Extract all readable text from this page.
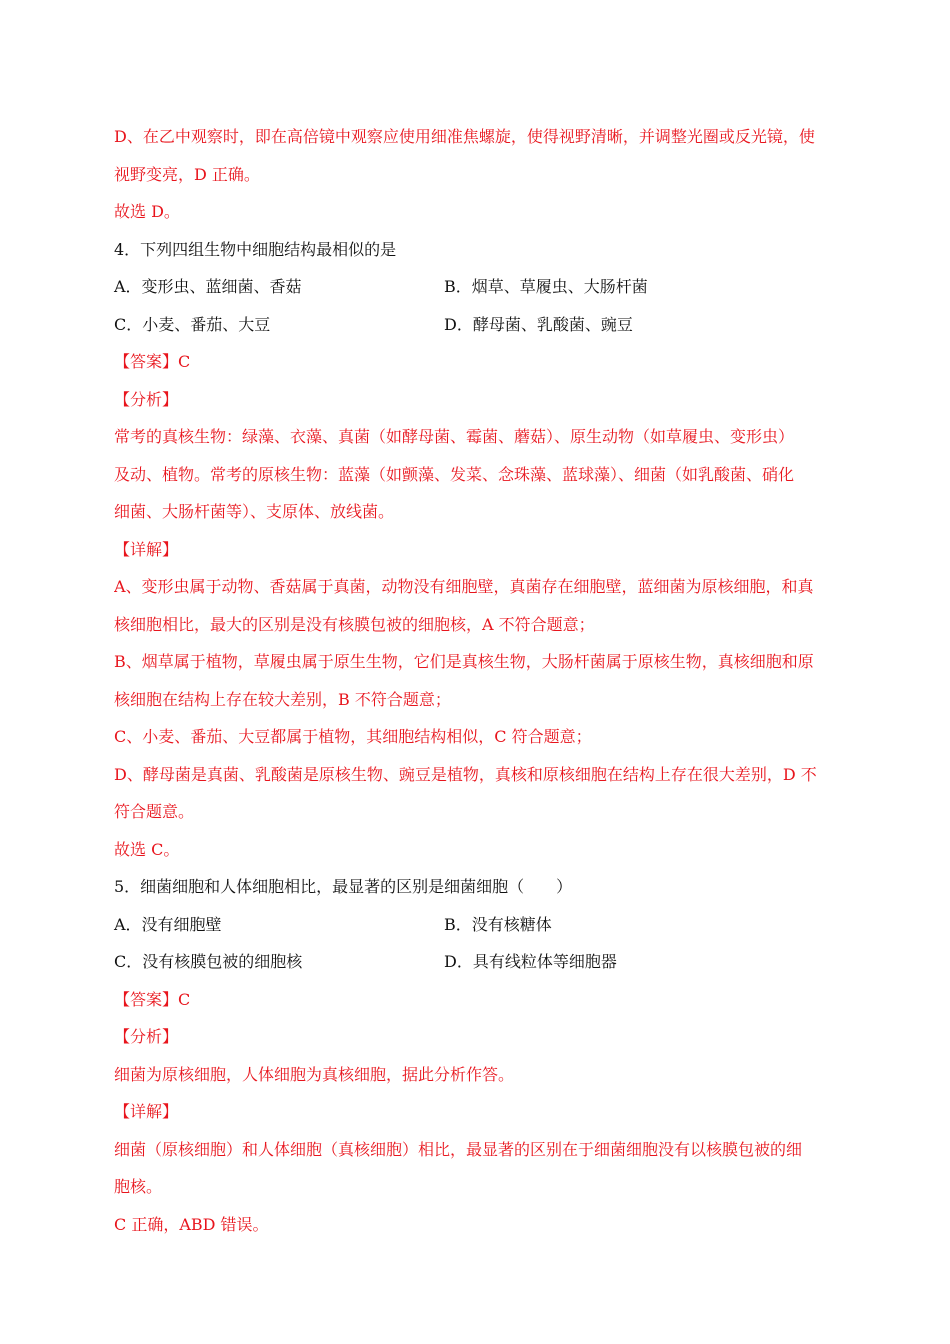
D、在乙中观察时，即在高倍镜中观察应使用细准焦螺旋，使得视野清晰，并调整光圈或反光镜，使
视野变亮，D 正确。
故选 D。
4．下列四组生物中细胞结构最相似的是
A．变形虫、蓝细菌、香菇	B．烟草、草履虫、大肠杆菌
C．小麦、番茄、大豆	D．酵母菌、乳酸菌、豌豆
【答案】C
【分析】
常考的真核生物：绿藻、衣藻、真菌（如酵母菌、霉菌、蘑菇）、原生动物（如草履虫、变形虫）
及动、植物。常考的原核生物：蓝藻（如颤藻、发菜、念珠藻、蓝球藻）、细菌（如乳酸菌、硝化
细菌、大肠杆菌等）、支原体、放线菌。
【详解】
A、变形虫属于动物、香菇属于真菌，动物没有细胞壁，真菌存在细胞壁，蓝细菌为原核细胞，和真
核细胞相比，最大的区别是没有核膜包被的细胞核，A 不符合题意；
B、烟草属于植物，草履虫属于原生生物，它们是真核生物，大肠杆菌属于原核生物，真核细胞和原
核细胞在结构上存在较大差别，B 不符合题意；
C、小麦、番茄、大豆都属于植物，其细胞结构相似，C 符合题意；
D、酵母菌是真菌、乳酸菌是原核生物、豌豆是植物，真核和原核细胞在结构上存在很大差别，D 不
符合题意。
故选 C。
5．细菌细胞和人体细胞相比，最显著的区别是细菌细胞（　　）
A．没有细胞壁	B．没有核糖体
C．没有核膜包被的细胞核	D．具有线粒体等细胞器
【答案】C
【分析】
细菌为原核细胞，人体细胞为真核细胞，据此分析作答。
【详解】
细菌（原核细胞）和人体细胞（真核细胞）相比，最显著的区别在于细菌细胞没有以核膜包被的细
胞核。
C 正确，ABD 错误。
